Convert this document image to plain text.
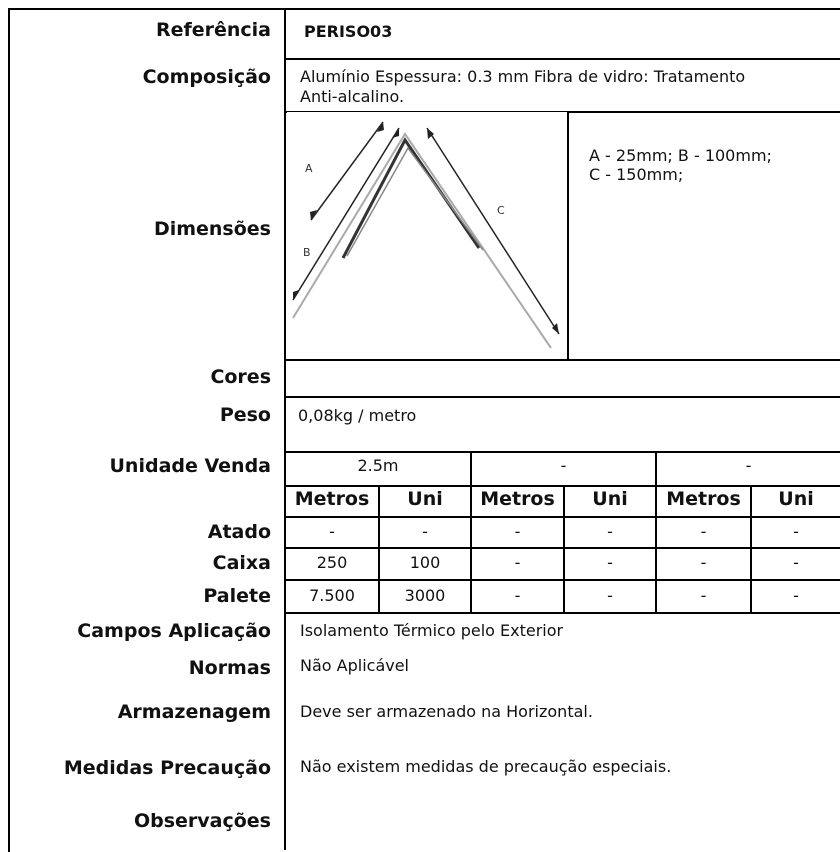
Referência PERISO03
Composição	Alumínio Espessura: 0.3 mm Fibra de vidro: Tratamento
Anti-alcalino.
Dimensões
A
B
C
A - 25mm; B - 100mm;
C - 150mm;
Cores
Peso 0,08kg / metro
Unidade Venda	2.5m	-	-
Metros	Uni	Metros	Uni	Metros	Uni
Atado	-	-	-	-	-	-
Caixa	250	100	-	-	-	-
Palete	7.500	3000	-	-	-	-
Campos Aplicação Isolamento Térmico pelo Exterior
Normas Não Aplicável
Armazenagem Deve ser armazenado na Horizontal.
Medidas Precaução Não existem medidas de precaução especiais.
Observações
